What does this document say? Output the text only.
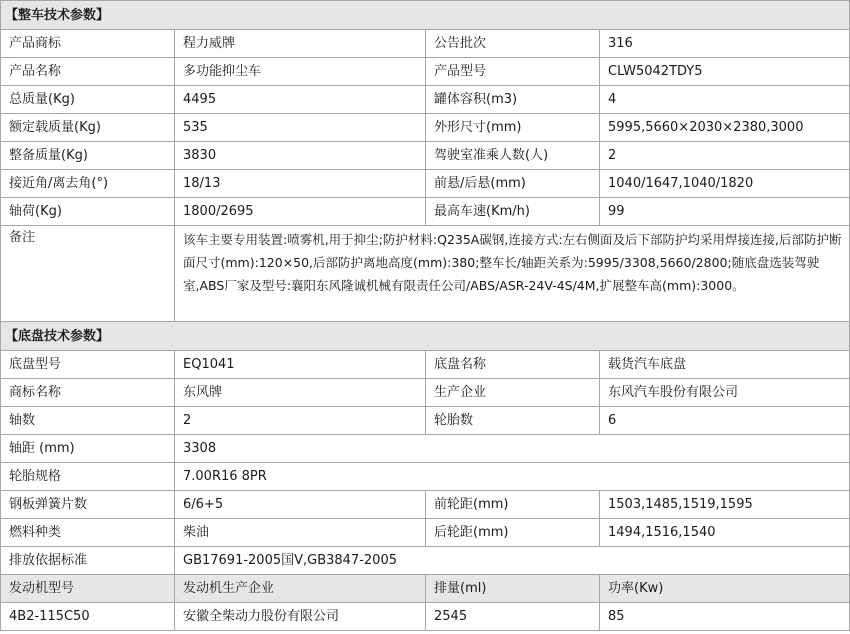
【整车技术参数】			
产品商标	程力威牌	公告批次	316
产品名称	多功能抑尘车	产品型号	CLW5042TDY5
总质量(Kg)	4495	罐体容积(m3)	4
额定载质量(Kg)	535	外形尺寸(mm)	5995,5660×2030×2380,3000
整备质量(Kg)	3830	驾驶室准乘人数(人)	2
接近角/离去角(°)	18/13	前悬/后悬(mm)	1040/1647,1040/1820
轴荷(Kg)	1800/2695	最高车速(Km/h)	99
备注	该车主要专用装置:喷雾机,用于抑尘;防护材料:Q235A碳钢,连接方式:左右侧面及后下部防护均采用焊接连接,后部防护断面尺寸(mm):120×50,后部防护离地高度(mm):380;整车长/轴距关系为:5995/3308,5660/2800;随底盘选装驾驶室,ABS厂家及型号:襄阳东风隆诚机械有限责任公司/ABS/ASR-24V-4S/4M,扩展整车高(mm):3000。		
【底盘技术参数】			
底盘型号	EQ1041	底盘名称	载货汽车底盘
商标名称	东风牌	生产企业	东风汽车股份有限公司
轴数	2	轮胎数	6
轴距 (mm)	3308		
轮胎规格	7.00R16 8PR		
钢板弹簧片数	6/6+5	前轮距(mm)	1503,1485,1519,1595
燃料种类	柴油	后轮距(mm)	1494,1516,1540
排放依据标准	GB17691-2005国V,GB3847-2005		
发动机型号	发动机生产企业	排量(ml)	功率(Kw)
4B2-115C50	安徽全柴动力股份有限公司	2545	85
